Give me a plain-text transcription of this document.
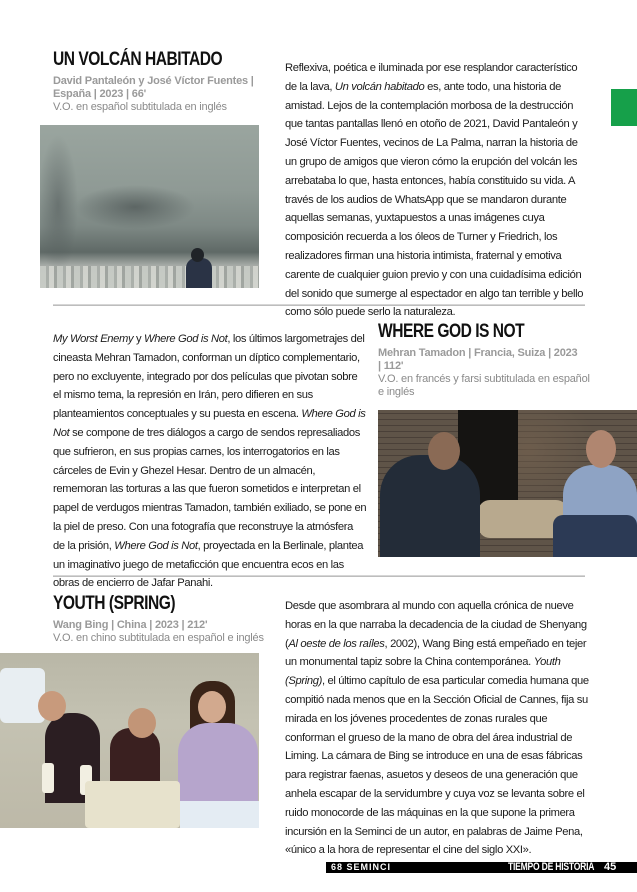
UN VOLCÁN HABITADO
David Pantaleón y José Víctor Fuentes |
España | 2023 | 66'
V.O. en español subtitulada en inglés

Reflexiva, poética e iluminada por ese resplandor característico de la lava, Un volcán habitado es, ante todo, una historia de amistad. Lejos de la contemplación morbosa de la destrucción que tantas pantallas llenó en otoño de 2021, David Pantaleón y José Víctor Fuentes, vecinos de La Palma, narran la historia de un grupo de amigos que vieron cómo la erupción del volcán les arrebataba lo que, hasta entonces, había constituido su vida. A través de los audios de WhatsApp que se mandaron durante aquellas semanas, yuxtapuestos a unas imágenes cuya composición recuerda a los óleos de Turner y Friedrich, los realizadores firman una historia intimista, fraternal y emotiva carente de cualquier guion previo y con una cuidadísima edición del sonido que sumerge al espectador en algo tan terrible y bello como sólo puede serlo la naturaleza.

My Worst Enemy y Where God is Not, los últimos largometrajes del cineasta Mehran Tamadon, conforman un díptico complementario, pero no excluyente, integrado por dos películas que pivotan sobre el mismo tema, la represión en Irán, pero difieren en sus planteamientos conceptuales y su puesta en escena. Where God is Not se compone de tres diálogos a cargo de sendos represaliados que sufrieron, en sus propias carnes, los interrogatorios en las cárceles de Evin y Ghezel Hesar. Dentro de un almacén, rememoran las torturas a las que fueron sometidos e interpretan el papel de verdugos mientras Tamadon, también exiliado, se pone en la piel de preso. Con una fotografía que reconstruye la atmósfera de la prisión, Where God is Not, proyectada en la Berlinale, plantea un imaginativo juego de metaficción que encuentra ecos en las obras de encierro de Jafar Panahi.

WHERE GOD IS NOT
Mehran Tamadon | Francia, Suiza | 2023
| 112'
V.O. en francés y farsi subtitulada en español
e inglés
YOUTH (SPRING)
Wang Bing | China | 2023 | 212'
V.O. en chino subtitulada en español e inglés

Desde que asombrara al mundo con aquella crónica de nueve horas en la que narraba la decadencia de la ciudad de Shenyang (Al oeste de los raíles, 2002), Wang Bing está empeñado en tejer un monumental tapiz sobre la China contemporánea. Youth (Spring), el último capítulo de esa particular comedia humana que compitió nada menos que en la Sección Oficial de Cannes, fija su mirada en los jóvenes procedentes de zonas rurales que conforman el grueso de la mano de obra del área industrial de Liming. La cámara de Bing se introduce en una de esas fábricas para registrar faenas, asuetos y deseos de una generación que anhela escapar de la servidumbre y cuya voz se levanta sobre el ruido monocorde de las máquinas en la que supone la primera incursión en la Seminci de un autor, en palabras de Jaime Pena, «único a la hora de representar el cine del siglo XXI».

68 SEMINCI	TIEMPO DE HISTORIA 45
